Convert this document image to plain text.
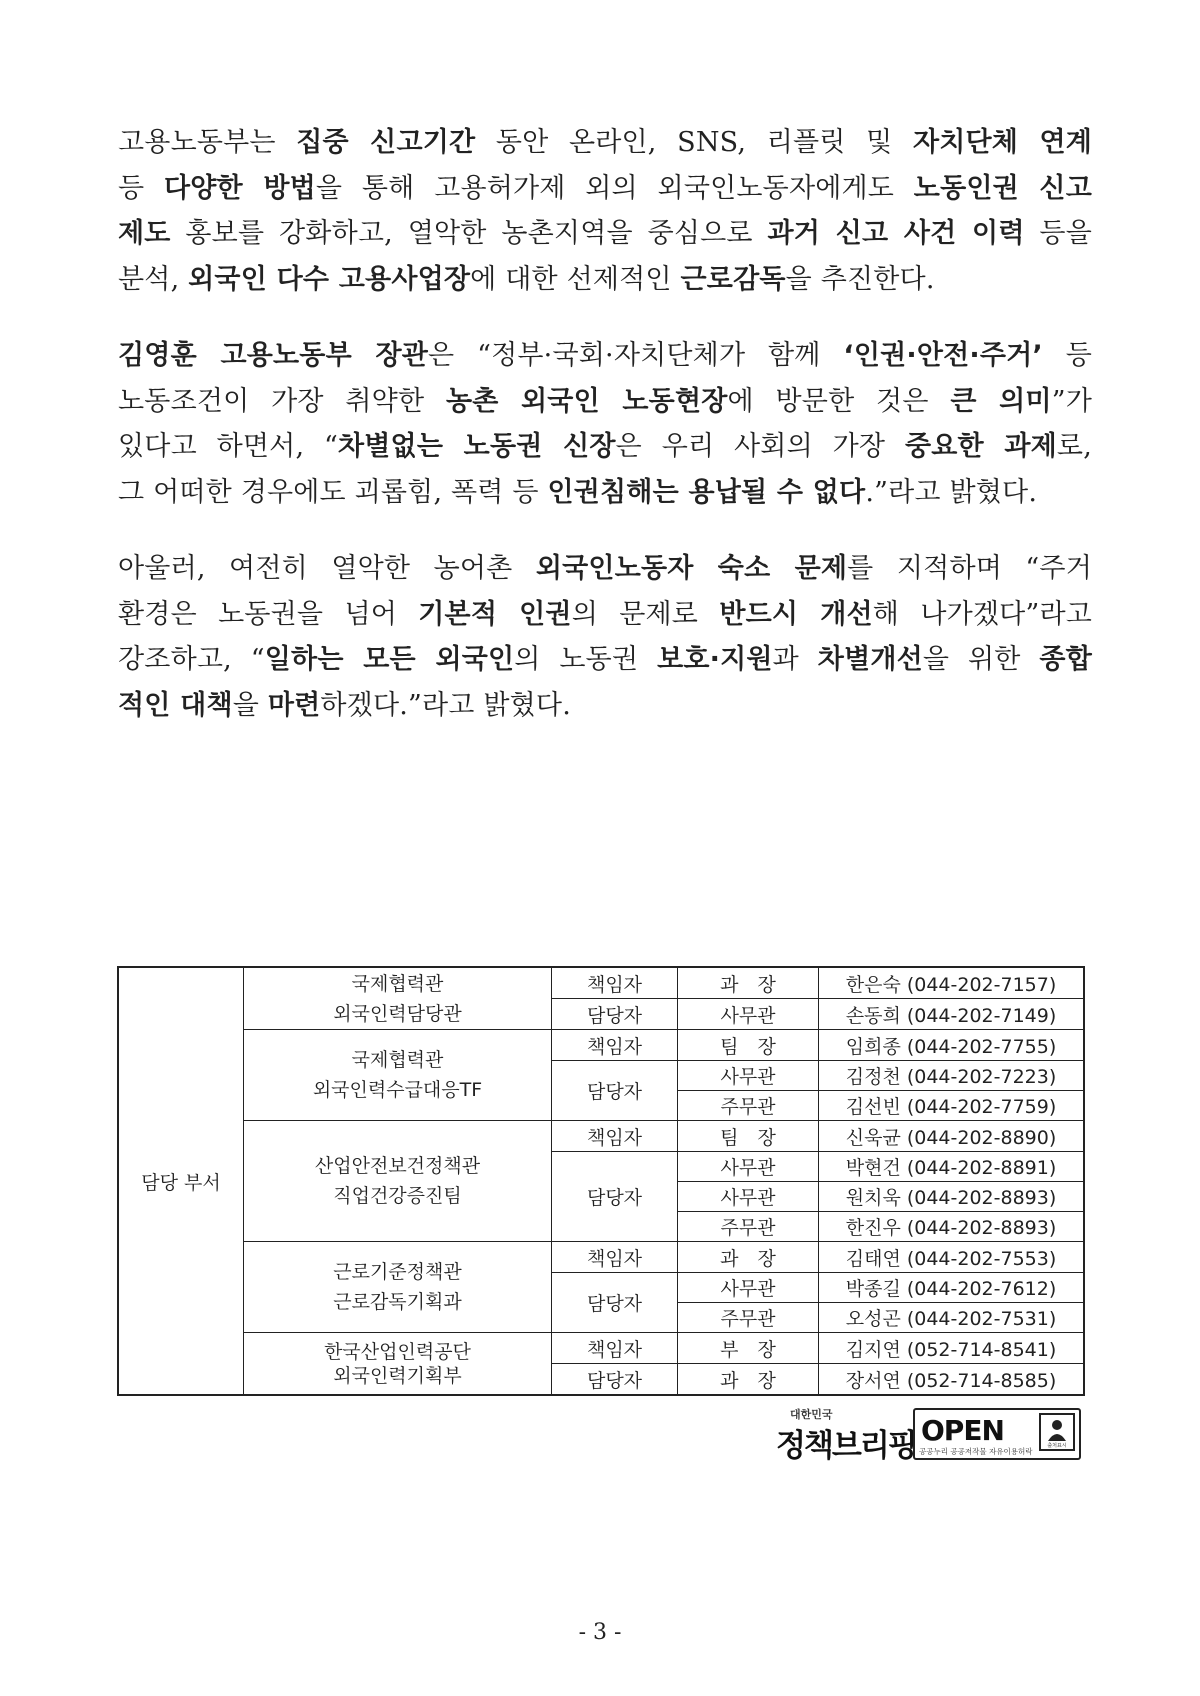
고용노동부는 집중 신고기간 동안 온라인, SNS, 리플릿 및 자치단체 연계
등 다양한 방법을 통해 고용허가제 외의 외국인노동자에게도 노동인권 신고
제도 홍보를 강화하고, 열악한 농촌지역을 중심으로 과거 신고 사건 이력 등을
분석, 외국인 다수 고용사업장에 대한 선제적인 근로감독을 추진한다.
김영훈 고용노동부 장관은 “정부·국회·자치단체가 함께 ‘인권·안전·주거’ 등
노동조건이 가장 취약한 농촌 외국인 노동현장에 방문한 것은 큰 의미”가
있다고 하면서, “차별없는 노동권 신장은 우리 사회의 가장 중요한 과제로,
그 어떠한 경우에도 괴롭힘, 폭력 등 인권침해는 용납될 수 없다.”라고 밝혔다.
아울러, 여전히 열악한 농어촌 외국인노동자 숙소 문제를 지적하며 “주거
환경은 노동권을 넘어 기본적 인권의 문제로 반드시 개선해 나가겠다”라고
강조하고, “일하는 모든 외국인의 노동권 보호·지원과 차별개선을 위한 종합
적인 대책을 마련하겠다.”라고 밝혔다.
담당 부서	국제협력관
외국인력담당관	책임자	과　장	한은숙 (044-202-7157)
		담당자	사무관	손동희 (044-202-7149)

	국제협력관
외국인력수급대응TF	책임자	팀　장	임희종 (044-202-7755)
		담당자	사무관	김정천 (044-202-7223)
			주무관	김선빈 (044-202-7759)

	산업안전보건정책관
직업건강증진팀	책임자	팀　장	신욱균 (044-202-8890)
		담당자	사무관	박현건 (044-202-8891)
			사무관	원치욱 (044-202-8893)
			주무관	한진우 (044-202-8893)

	근로기준정책관
근로감독기획과	책임자	과　장	김태연 (044-202-7553)
		담당자	사무관	박종길 (044-202-7612)
			주무관	오성곤 (044-202-7531)

	한국산업인력공단
외국인력기획부	책임자	부　장	김지연 (052-714-8541)
		담당자	과　장	장서연 (052-714-8585)
대한민국
정책브리핑 OPEN
공공누리 공공저작물 자유이용허락
출처표시
- 3 -
